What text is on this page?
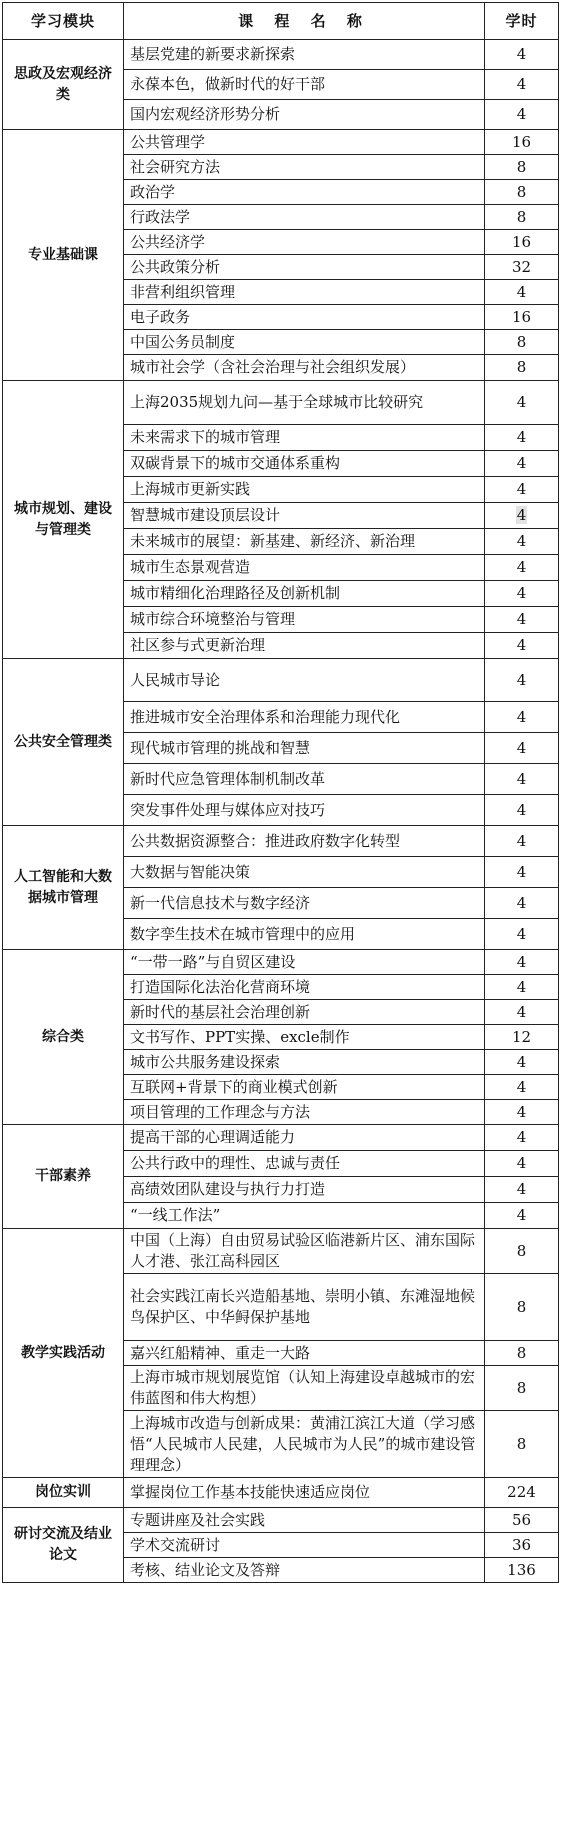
学习模块	课 程 名 称	学时
思政及宏观经济类	基层党建的新要求新探索	4
	永葆本色，做新时代的好干部	4
	国内宏观经济形势分析	4
专业基础课	公共管理学	16
	社会研究方法	8
	政治学	8
	行政法学	8
	公共经济学	16
	公共政策分析	32
	非营利组织管理	4
	电子政务	16
	中国公务员制度	8
	城市社会学（含社会治理与社会组织发展）	8
城市规划、建设与管理类	上海2035规划九问—基于全球城市比较研究	4
	未来需求下的城市管理	4
	双碳背景下的城市交通体系重构	4
	上海城市更新实践	4
	智慧城市建设顶层设计	4
	未来城市的展望：新基建、新经济、新治理	4
	城市生态景观营造	4
	城市精细化治理路径及创新机制	4
	城市综合环境整治与管理	4
	社区参与式更新治理	4
公共安全管理类	人民城市导论	4
	推进城市安全治理体系和治理能力现代化	4
	现代城市管理的挑战和智慧	4
	新时代应急管理体制机制改革	4
	突发事件处理与媒体应对技巧	4
人工智能和大数据城市管理	公共数据资源整合：推进政府数字化转型	4
	大数据与智能决策	4
	新一代信息技术与数字经济	4
	数字孪生技术在城市管理中的应用	4
综合类	“一带一路”与自贸区建设	4
	打造国际化法治化营商环境	4
	新时代的基层社会治理创新	4
	文书写作、PPT实操、excle制作	12
	城市公共服务建设探索	4
	互联网+背景下的商业模式创新	4
	项目管理的工作理念与方法	4
干部素养	提高干部的心理调适能力	4
	公共行政中的理性、忠诚与责任	4
	高绩效团队建设与执行力打造	4
	“一线工作法”	4
教学实践活动	中国（上海）自由贸易试验区临港新片区、浦东国际人才港、张江高科园区	8
	社会实践江南长兴造船基地、崇明小镇、东滩湿地候鸟保护区、中华鲟保护基地	8
	嘉兴红船精神、重走一大路	8
	上海市城市规划展览馆（认知上海建设卓越城市的宏伟蓝图和伟大构想）	8
	上海城市改造与创新成果：黄浦江滨江大道（学习感悟“人民城市人民建，人民城市为人民”的城市建设管理理念）	8
岗位实训	掌握岗位工作基本技能快速适应岗位	224
研讨交流及结业论文	专题讲座及社会实践	56
	学术交流研讨	36
	考核、结业论文及答辩	136
